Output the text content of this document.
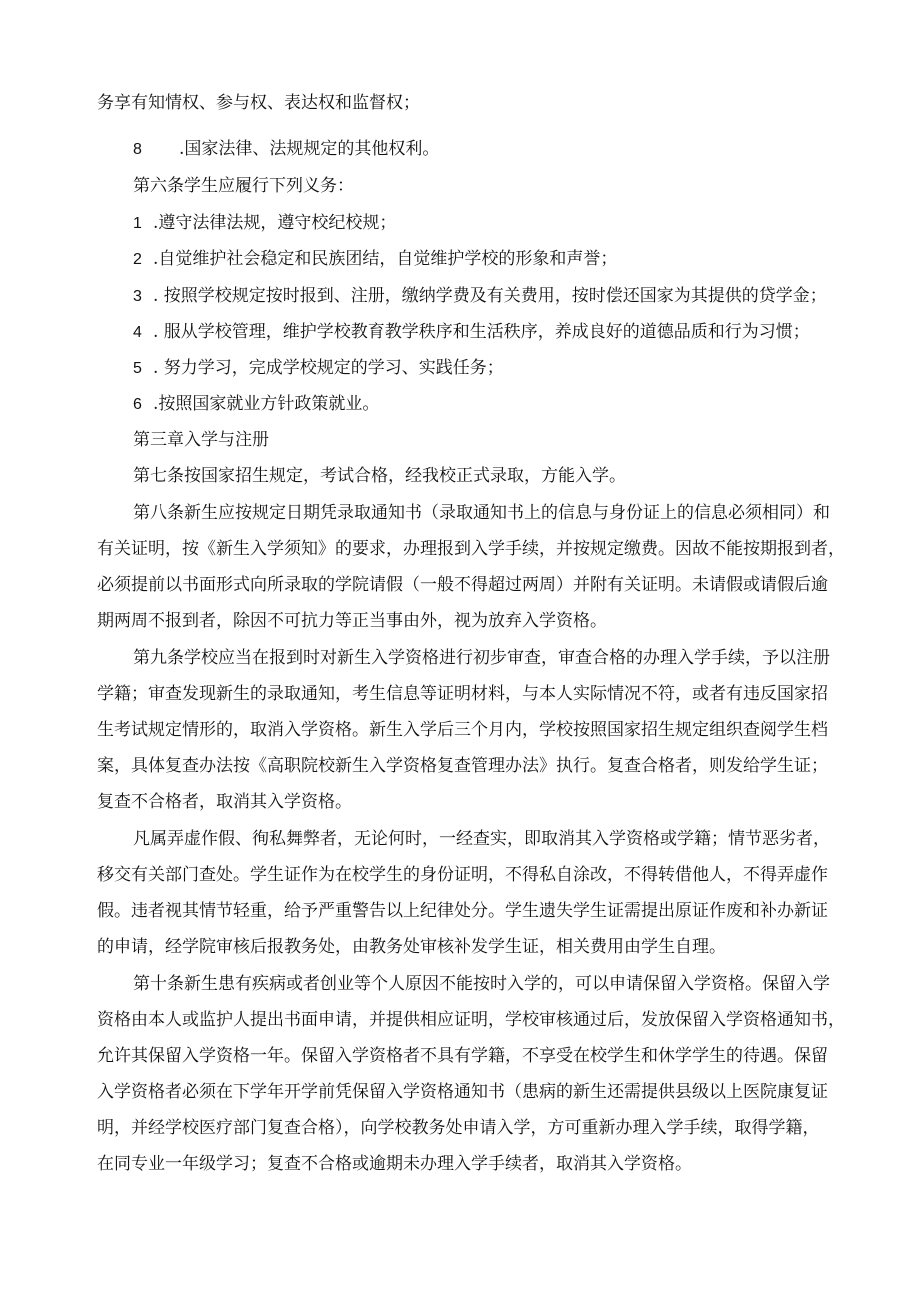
务享有知情权、参与权、表达权和监督权；
8 .国家法律、法规规定的其他权利。
第六条学生应履行下列义务：
1 .遵守法律法规，遵守校纪校规；
2 .自觉维护社会稳定和民族团结，自觉维护学校的形象和声誉；
3 . 按照学校规定按时报到、注册，缴纳学费及有关费用，按时偿还国家为其提供的贷学金；
4 . 服从学校管理，维护学校教育教学秩序和生活秩序，养成良好的道德品质和行为习惯；
5 . 努力学习，完成学校规定的学习、实践任务；
6 .按照国家就业方针政策就业。
第三章入学与注册
第七条按国家招生规定，考试合格，经我校正式录取，方能入学。
第八条新生应按规定日期凭录取通知书（录取通知书上的信息与身份证上的信息必须相同）和
有关证明，按《新生入学须知》的要求，办理报到入学手续，并按规定缴费。因故不能按期报到者，
必须提前以书面形式向所录取的学院请假（一般不得超过两周）并附有关证明。未请假或请假后逾
期两周不报到者，除因不可抗力等正当事由外，视为放弃入学资格。
第九条学校应当在报到时对新生入学资格进行初步审查，审查合格的办理入学手续，予以注册
学籍；审查发现新生的录取通知，考生信息等证明材料，与本人实际情况不符，或者有违反国家招
生考试规定情形的，取消入学资格。新生入学后三个月内，学校按照国家招生规定组织查阅学生档
案，具体复查办法按《高职院校新生入学资格复查管理办法》执行。复查合格者，则发给学生证；
复查不合格者，取消其入学资格。
凡属弄虚作假、徇私舞弊者，无论何时，一经查实，即取消其入学资格或学籍；情节恶劣者，
移交有关部门查处。学生证作为在校学生的身份证明，不得私自涂改，不得转借他人，不得弄虚作
假。违者视其情节轻重，给予严重警告以上纪律处分。学生遗失学生证需提出原证作废和补办新证
的申请，经学院审核后报教务处，由教务处审核补发学生证，相关费用由学生自理。
第十条新生患有疾病或者创业等个人原因不能按时入学的，可以申请保留入学资格。保留入学
资格由本人或监护人提出书面申请，并提供相应证明，学校审核通过后，发放保留入学资格通知书，
允许其保留入学资格一年。保留入学资格者不具有学籍，不享受在校学生和休学学生的待遇。保留
入学资格者必须在下学年开学前凭保留入学资格通知书（患病的新生还需提供县级以上医院康复证
明，并经学校医疗部门复查合格），向学校教务处申请入学，方可重新办理入学手续，取得学籍，
在同专业一年级学习；复查不合格或逾期未办理入学手续者，取消其入学资格。
